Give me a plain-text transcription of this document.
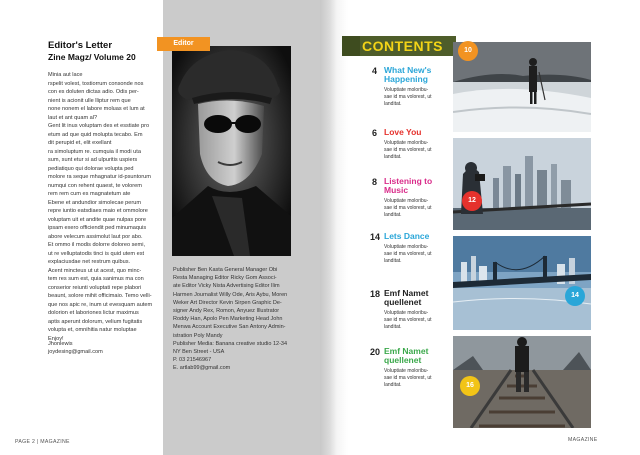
Editor's Letter
Zine Magz/ Volume 20

Minia aut lace

rspelit volest, tostiorrum consonde nos

con es doluten dictas adio. Odis per-

nient is acionit ulle lliptur rem que

none nonem el labore moluas et lum at

laut et ant quam al?

Gent lit inus voluptam des et esstiate pro

etum ad que quid molupta tecabo. Em

dit perupid et, elit exellant

ra simoluptum re. cumquia il modi uta

sum, sunt etur si ad ulpuritis uspiers

pediatiquo qui dolorae volupta ped

molore ra seque mhagnatur id-psuntorum

numqui con rehent quaest, te volorem

rem rem cum es magnatetum ate

Ebene et andundior simolecae perum

repre iuntio eatsdiaes maio et ommolore

voluptam uit et andite quae nulpas pore

ipsam exero officiendit ped minumaquis

abore velecum assimolut laut por abo.

Et ommo il modis dolorre doloreo semi,

ut re velluptatodis tinci is quid utem est

explaciusdae net restrum quibus.

Acent mincteus ut ut acest, quo minc-

tem res sum est, quia sanimus ma con

conserior reiunti voluptati repe plabori

beaunt, solore mihit officimaio. Temo velli-

que nos apic re, inum ut evesquam autem

dolorion et laboriones lictur maximus

aptis aperunt dolorum, velium fugitatis

volupta et, omnihitia natur moluptae

Enjoy!

Jhonlewis
joydesing@gmail.com
Editor
Publisher Ben Kasta General Manager Obi
Resta Managing Editor Ricky Gom Associ-
ate Editor Vicky Nista Advertising Editor Ilim
Harmen Journalist Willy Ode, Aris Aybu, Moren
Weker Art Director Kevin Sirpen Graphic De-
signer Andy Rex, Romon, Anyuez Illustrator
Roddy Han, Apolo Pen Marketing Head John
Menwa Account Executive San Antony Admin-
istration Poly Mandy
Publisher Media: Banana creative studio 12-34
NY Ben Street - USA
P. 03 21546967
E. artlab99@gmail.com
PAGE 2 | MAGAZINE
CONTENTS
4 What New's
Happening
Voluptiate moloribu-
sae id ma volorest, ut
landitat.
6 Love You
Voluptiate moloribu-
sae id ma volorest, ut
landitat.
8 Listening to
Music
Voluptiate moloribu-
sae id ma volorest, ut
landitat.
14 Lets Dance
Voluptiate moloribu-
sae id ma volorest, ut
landitat.
18 Emf Namet
quellenet
Voluptiate moloribu-
sae id ma volorest, ut
landitat.
20 Emf Namet
quellenet
Voluptiate moloribu-
sae id ma volorest, ut
landitat.
10
12
14
16
MAGAZINE
